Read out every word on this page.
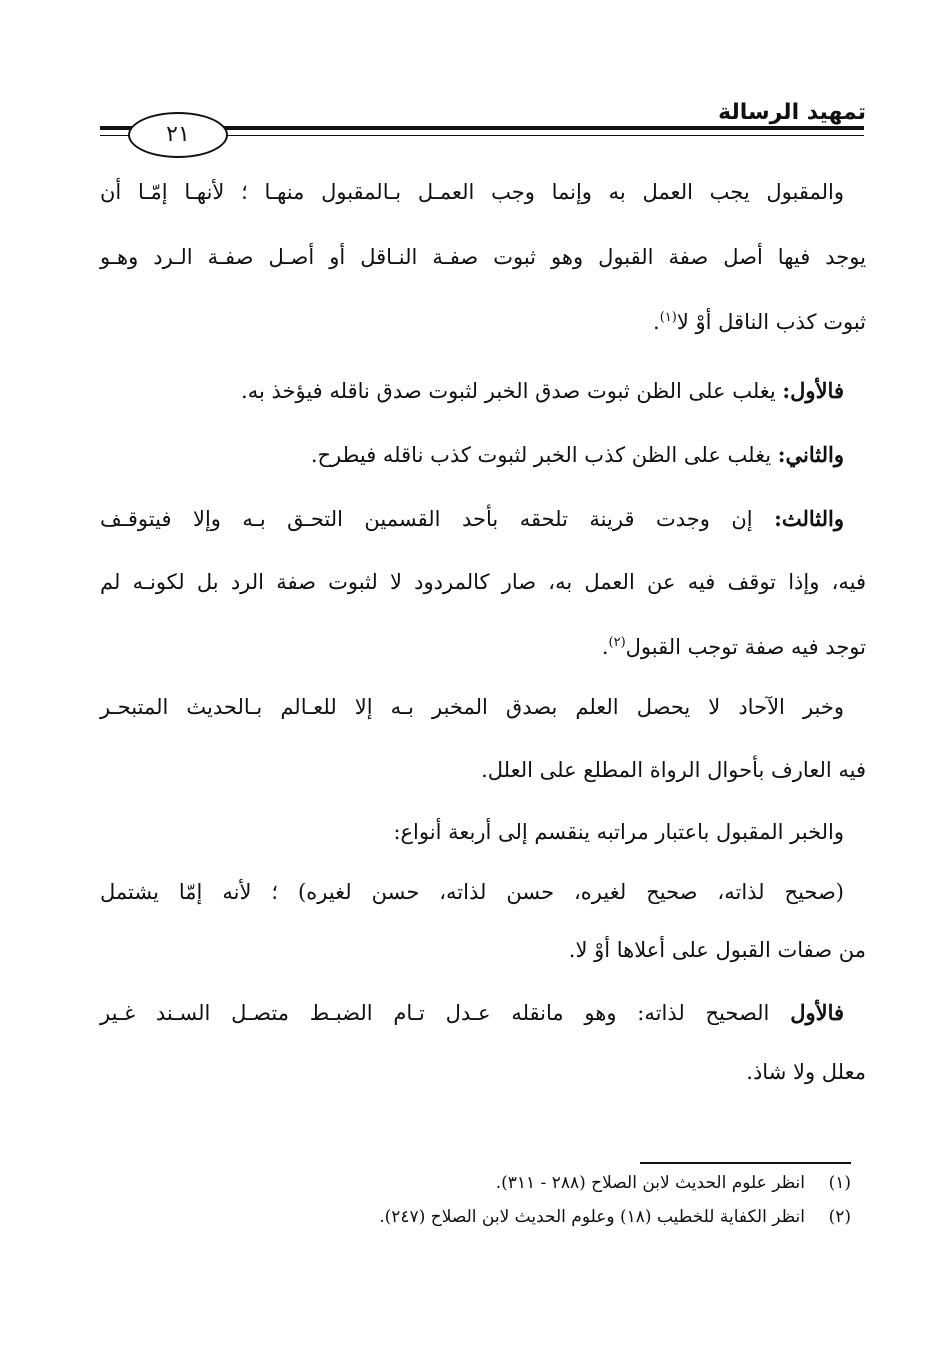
تمهيد الرسالة
٢١
والمقبول يجب العمل به وإنما وجب العمـل بـالمقبول منهـا ؛ لأنهـا إمّـا أن
يوجد فيها أصل صفة القبول وهو ثبوت صفـة النـاقل أو أصـل صفـة الـرد وهـو
ثبوت كذب الناقل أوْ لا$^{(١)}$.
فالأول: يغلب على الظن ثبوت صدق الخبر لثبوت صدق ناقله فيؤخذ به.
والثاني: يغلب على الظن كذب الخبر لثبوت كذب ناقله فيطرح.
والثالث: إن وجدت قرينة تلحقه بأحد القسمين التحـق بـه وإلا فيتوقـف
فيه، وإذا توقف فيه عن العمل به، صار كالمردود لا لثبوت صفة الرد بل لكونـه لم
توجد فيه صفة توجب القبول$^{(٢)}$.
وخبر الآحاد لا يحصل العلم بصدق المخبر بـه إلا للعـالم بـالحديث المتبحـر
فيه العارف بأحوال الرواة المطلع على العلل.
والخبر المقبول باعتبار مراتبه ينقسم إلى أربعة أنواع:
(صحيح لذاته، صحيح لغيره، حسن لذاته، حسن لغيره) ؛ لأنه إمّا يشتمل
من صفات القبول على أعلاها أوْ لا.
فالأول الصحيح لذاته: وهو مانقله عـدل تـام الضبـط متصـل السـند غـير
معلل ولا شاذ.
(١)انظر علوم الحديث لابن الصلاح (٢٨٨ - ٣١١).
(٢)انظر الكفاية للخطيب (١٨) وعلوم الحديث لابن الصلاح (٢٤٧).
